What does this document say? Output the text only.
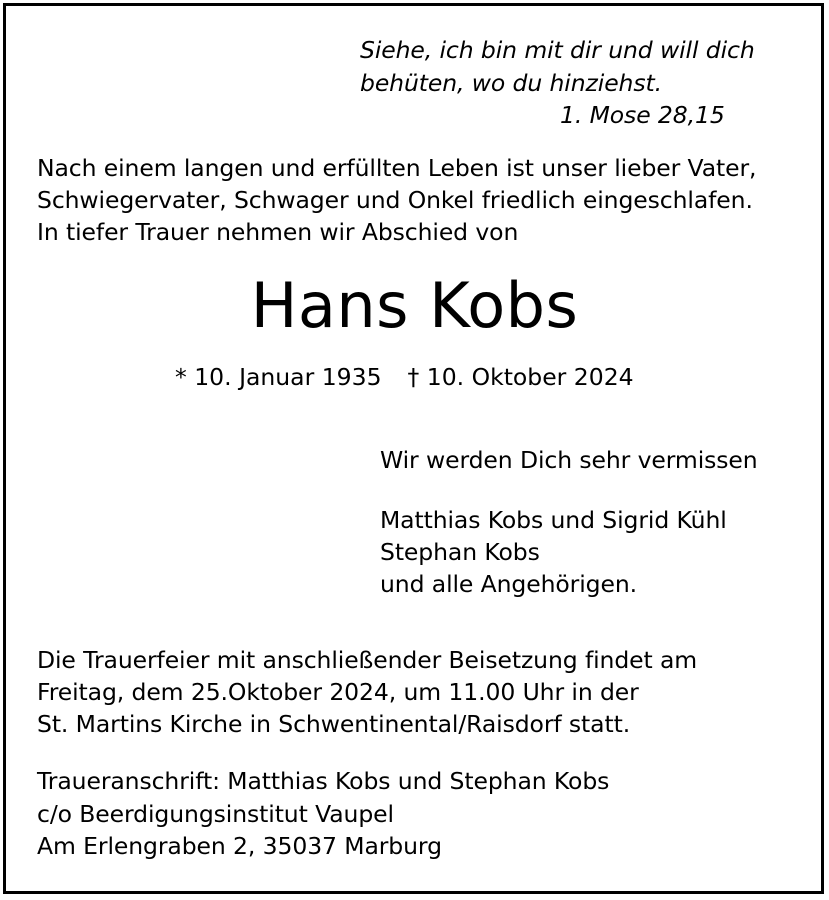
Siehe, ich bin mit dir und will dich
behüten, wo du hinziehst.
1. Mose 28,15
Nach einem langen und erfüllten Leben ist unser lieber Vater,
Schwiegervater, Schwager und Onkel friedlich eingeschlafen.
In tiefer Trauer nehmen wir Abschied von
Hans Kobs
* 10. Januar 1935 † 10. Oktober 2024
Wir werden Dich sehr vermissen
Matthias Kobs und Sigrid Kühl
Stephan Kobs
und alle Angehörigen.
Die Trauerfeier mit anschließender Beisetzung findet am
Freitag, dem 25.Oktober 2024, um 11.00 Uhr in der
St. Martins Kirche in Schwentinental/Raisdorf statt.
Traueranschrift: Matthias Kobs und Stephan Kobs
c/o Beerdigungsinstitut Vaupel
Am Erlengraben 2, 35037 Marburg
